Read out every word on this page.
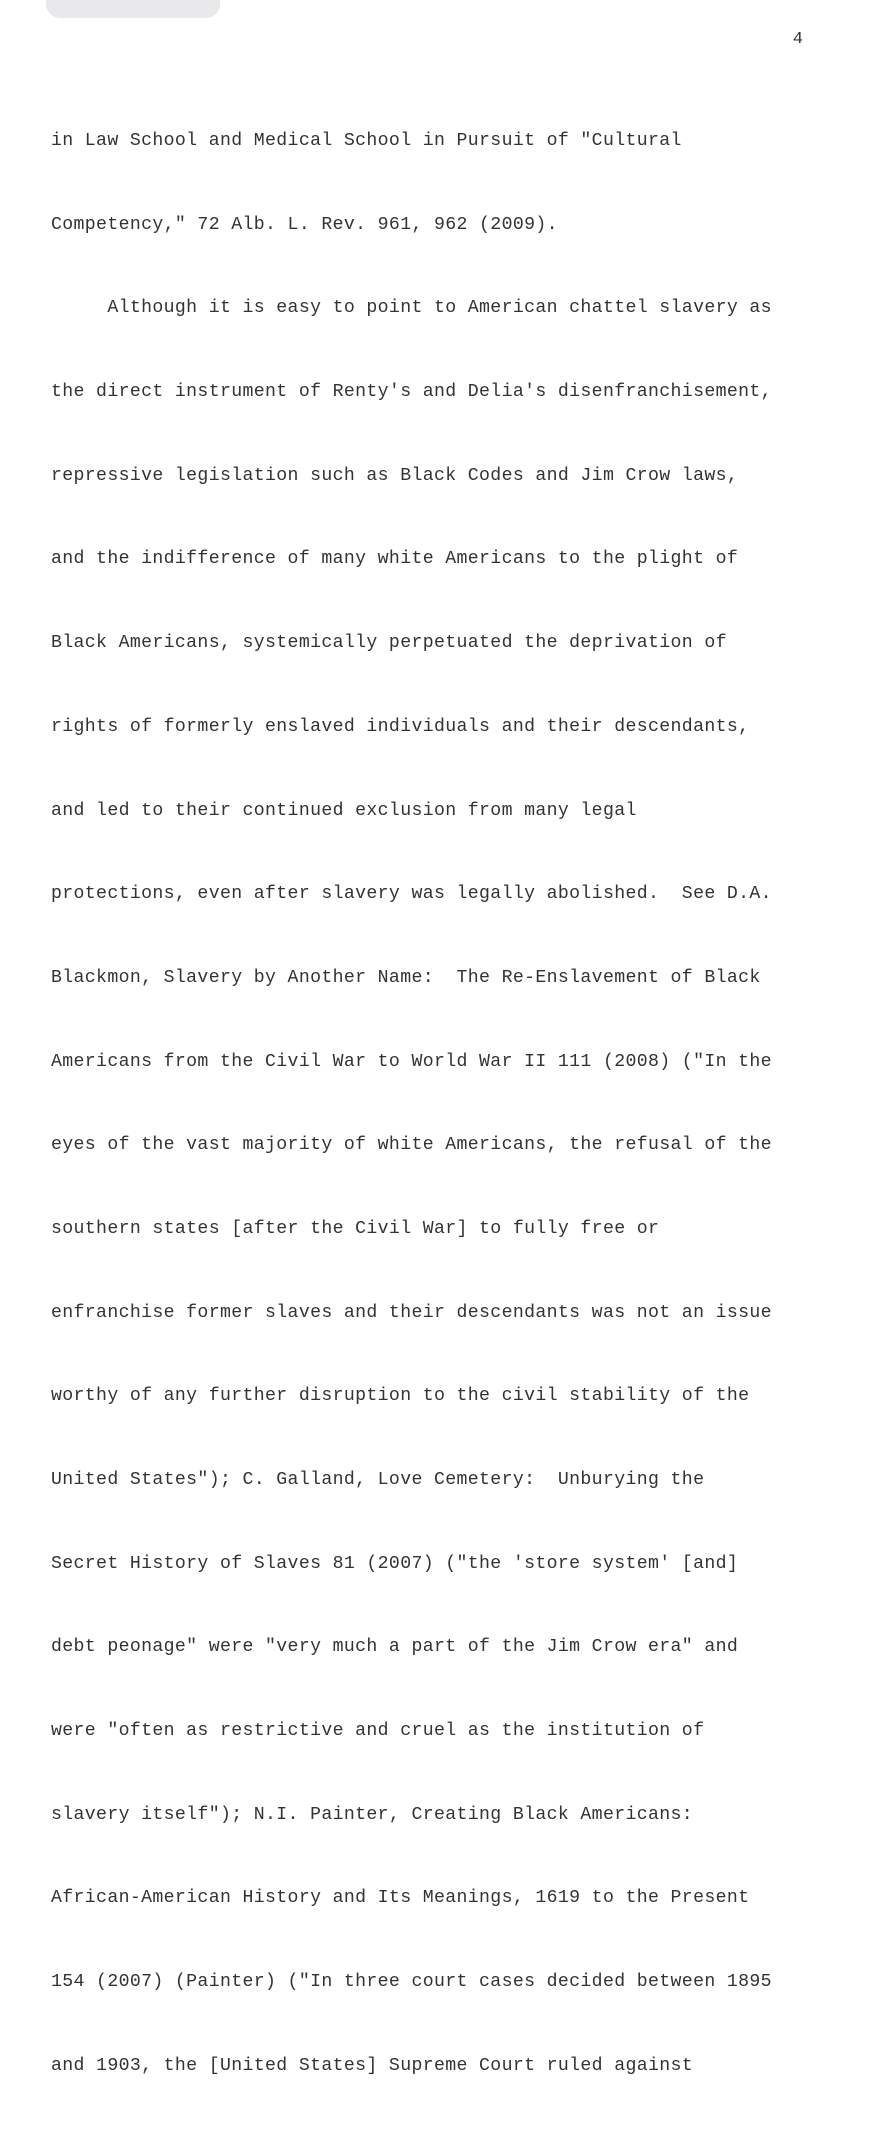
4

in Law School and Medical School in Pursuit of "Cultural

Competency," 72 Alb. L. Rev. 961, 962 (2009).

Although it is easy to point to American chattel slavery as

the direct instrument of Renty's and Delia's disenfranchisement,

repressive legislation such as Black Codes and Jim Crow laws,

and the indifference of many white Americans to the plight of

Black Americans, systemically perpetuated the deprivation of

rights of formerly enslaved individuals and their descendants,

and led to their continued exclusion from many legal

protections, even after slavery was legally abolished.  See D.A.

Blackmon, Slavery by Another Name:  The Re-Enslavement of Black

Americans from the Civil War to World War II 111 (2008) ("In the

eyes of the vast majority of white Americans, the refusal of the

southern states [after the Civil War] to fully free or

enfranchise former slaves and their descendants was not an issue

worthy of any further disruption to the civil stability of the

United States"); C. Galland, Love Cemetery:  Unburying the

Secret History of Slaves 81 (2007) ("the 'store system' [and]

debt peonage" were "very much a part of the Jim Crow era" and

were "often as restrictive and cruel as the institution of

slavery itself"); N.I. Painter, Creating Black Americans:

African-American History and Its Meanings, 1619 to the Present

154 (2007) (Painter) ("In three court cases decided between 1895

and 1903, the [United States] Supreme Court ruled against
